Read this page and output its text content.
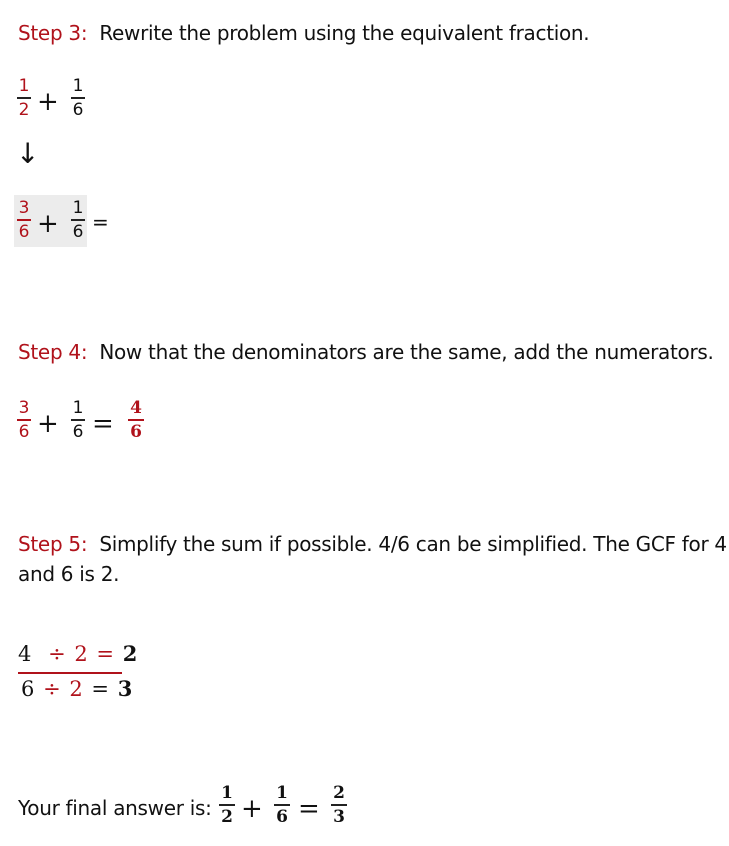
Step 3: Rewrite the problem using the equivalent fraction.
1
2 +
1
6
↓
3
6 +
1
6 =
Step 4: Now that the denominators are the same, add the numerators.
3
6 +
1
6 =
4
6
Step 5: Simplify the sum if possible. 4/6 can be simplified. The GCF for 4
and 6 is 2.
4 ÷ 2 = 2
6 ÷ 2 = 3
Your final answer is:
1
2 +
1
6 =
2
3
